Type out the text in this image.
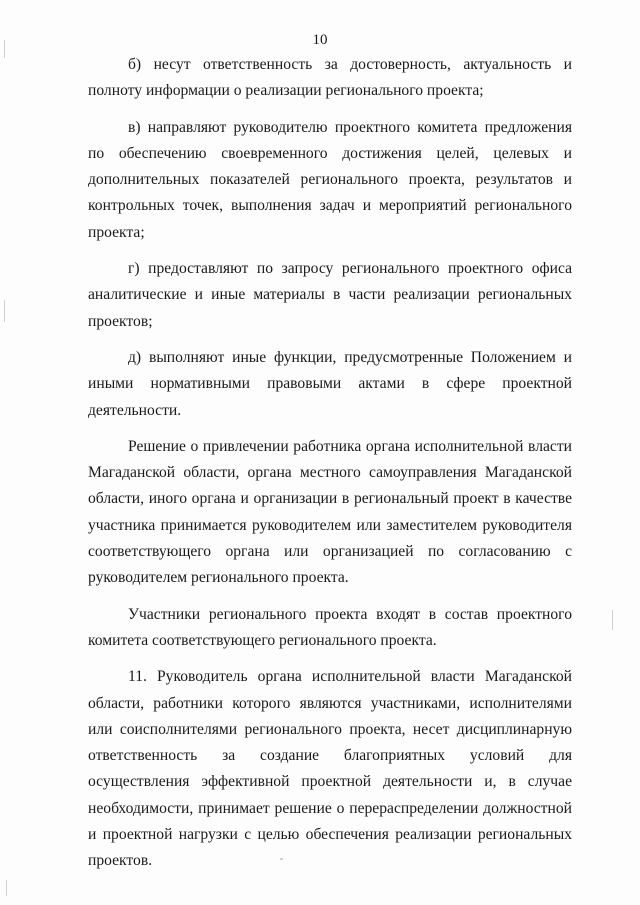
10

б) несут ответственность за достоверность, актуальность и полноту информации о реализации регионального проекта;

в) направляют руководителю проектного комитета предложения по обеспечению своевременного достижения целей, целевых и дополнительных показателей регионального проекта, результатов и контрольных точек, выполнения задач и мероприятий регионального проекта;

г) предоставляют по запросу регионального проектного офиса аналитические и иные материалы в части реализации региональных проектов;

д) выполняют иные функции, предусмотренные Положением и иными нормативными правовыми актами в сфере проектной деятельности.

Решение о привлечении работника органа исполнительной власти Магаданской области, органа местного самоуправления Магаданской области, иного органа и организации в региональный проект в качестве участника принимается руководителем или заместителем руководителя соответствующего органа или организацией по согласованию с руководителем регионального проекта.

Участники регионального проекта входят в состав проектного комитета соответствующего регионального проекта.

11. Руководитель органа исполнительной власти Магаданской области, работники которого являются участниками, исполнителями или соисполнителями регионального проекта, несет дисциплинарную ответственность за создание благоприятных условий для осуществления эффективной проектной деятельности и, в случае необходимости, принимает решение о перераспределении должностной и проектной нагрузки с целью обеспечения реализации региональных проектов.
